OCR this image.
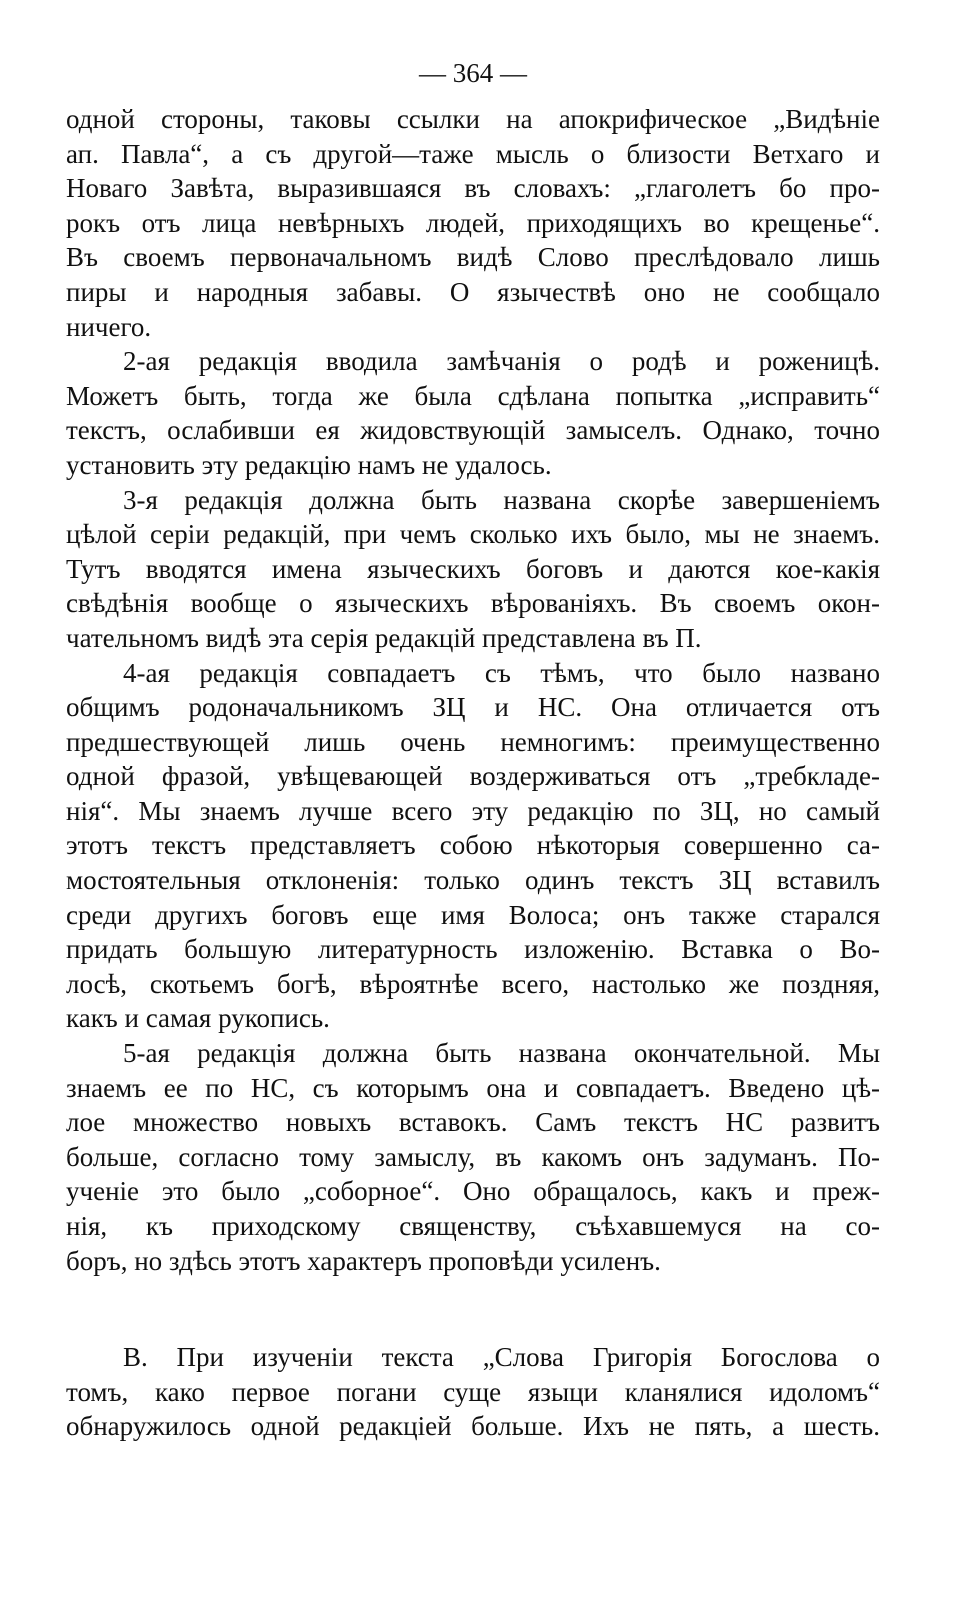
— 364 —
одной стороны, таковы ссылки на апокрифическое „Видѣніе
ап. Павла“, а съ другой—таже мысль о близости Ветхаго и
Новаго Завѣта, выразившаяся въ словахъ: „глаголетъ бо про-
рокъ отъ лица невѣрныхъ людей, приходящихъ во крещенье“.
Въ своемъ первоначальномъ видѣ Слово преслѣдовало лишь
пиры и народныя забавы. О язычествѣ оно не сообщало
ничего.
2-ая редакція вводила замѣчанія о родѣ и роженицѣ.
Можетъ быть, тогда же была сдѣлана попытка „исправить“
текстъ, ослабивши ея жидовствующій замыселъ. Однако, точно
установить эту редакцію намъ не удалось.
3-я редакція должна быть названа скорѣе завершеніемъ
цѣлой серіи редакцій, при чемъ сколько ихъ было, мы не знаемъ.
Тутъ вводятся имена языческихъ боговъ и даются кое-какія
свѣдѣнія вообще о языческихъ вѣрованіяхъ. Въ своемъ окон-
чательномъ видѣ эта серія редакцій представлена въ П.
4-ая редакція совпадаетъ съ тѣмъ, что было названо
общимъ родоначальникомъ ЗЦ и НС. Она отличается отъ
предшествующей лишь очень немногимъ: преимущественно
одной фразой, увѣщевающей воздерживаться отъ „требкладе-
нія“. Мы знаемъ лучше всего эту редакцію по ЗЦ, но самый
этотъ текстъ представляетъ собою нѣкоторыя совершенно са-
мостоятельныя отклоненія: только одинъ текстъ ЗЦ вставилъ
среди другихъ боговъ еще имя Волоса; онъ также старался
придать большую литературность изложенію. Вставка о Во-
лосѣ, скотьемъ богѣ, вѣроятнѣе всего, настолько же поздняя,
какъ и самая рукопись.
5-ая редакція должна быть названа окончательной. Мы
знаемъ ее по НС, съ которымъ она и совпадаетъ. Введено цѣ-
лое множество новыхъ вставокъ. Самъ текстъ НС развитъ
больше, согласно тому замыслу, въ какомъ онъ задуманъ. По-
ученіе это было „соборное“. Оно обращалось, какъ и преж-
нія, къ приходскому священству, съѣхавшемуся на со-
боръ, но здѣсь этотъ характеръ проповѣди усиленъ.
В. При изученіи текста „Слова Григорія Богослова о
томъ, како первое погани суще языци кланялися идоломъ“
обнаружилось одной редакціей больше. Ихъ не пять, а шесть.
